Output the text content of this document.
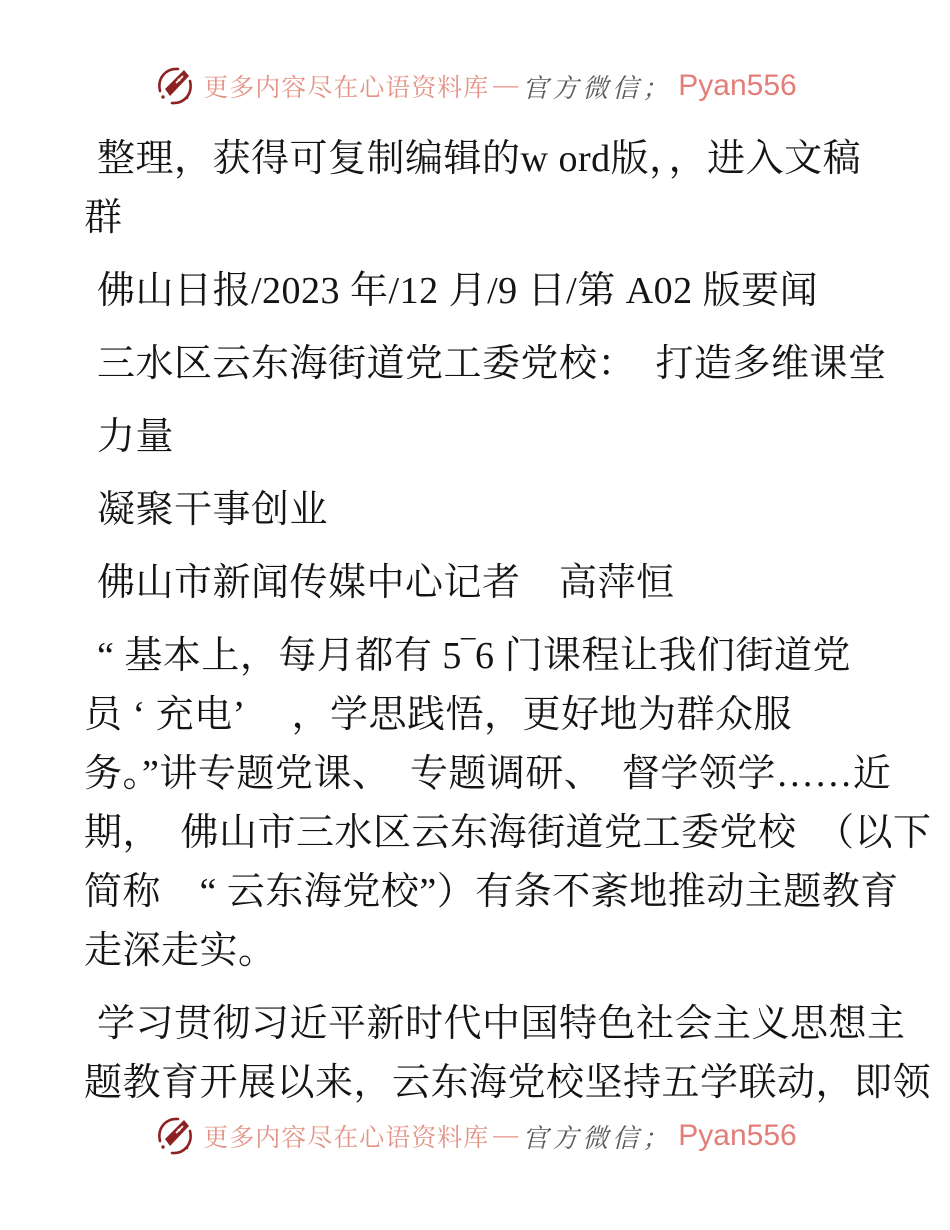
更多内容尽在心语资料库 — 官方微信； Pyan556
整理，获得可复制编辑的w ord版，，进入文稿
群
佛山日报/2023 年/12 月/9 日/第 A02 版要闻
三水区云东海街道党工委党校：　打造多维课堂
力量
凝聚干事创业
佛山市新闻传媒中心记者　高萍恒
“ 基本上，每月都有 5‾6 门课程让我们街道党
员 ‘ 充电’ 　，学思践悟，更好地为群众服
务。”讲专题党课、　专题调研、　督学领学……近
期，　佛山市三水区云东海街道党工委党校　（以下
简称　“ 云东海党校”）有条不紊地推动主题教育
走深走实。
学习贯彻习近平新时代中国特色社会主义思想主
题教育开展以来，云东海党校坚持五学联动，即领
更多内容尽在心语资料库 — 官方微信； Pyan556
